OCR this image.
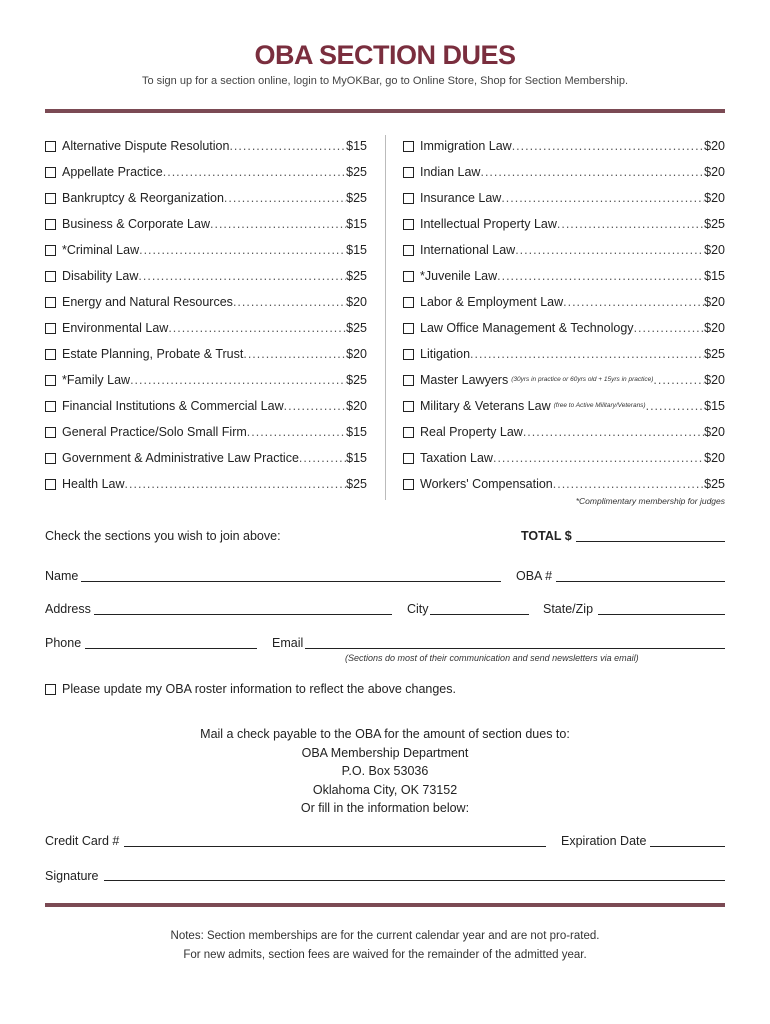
OBA SECTION DUES
To sign up for a section online, login to MyOKBar, go to Online Store, Shop for Section Membership.
Alternative Dispute Resolution .....	$15
Appellate Practice .....	$25
Bankruptcy & Reorganization .....	$25
Business & Corporate Law .....	$15
*Criminal Law .....	$15
Disability Law .....	$25
Energy and Natural Resources .....	$20
Environmental Law .....	$25
Estate Planning, Probate & Trust .....	$20
*Family Law .....	$25
Financial Institutions & Commercial Law .....	$20
General Practice/Solo Small Firm .....	$15
Government & Administrative Law Practice .....	$15
Health Law .....	$25
Immigration Law .....	$20
Indian Law .....	$20
Insurance Law .....	$20
Intellectual Property Law .....	$25
International Law .....	$20
*Juvenile Law .....	$15
Labor & Employment Law .....	$20
Law Office Management & Technology .....	$20
Litigation .....	$25
Master Lawyers (30yrs in practice or 60yrs old + 15yrs in practice) .....	$20
Military & Veterans Law (free to Active Military/Veterans) .....	$15
Real Property Law .....	$20
Taxation Law .....	$20
Workers' Compensation .....	$25
*Complimentary membership for judges
Check the sections you wish to join above:	TOTAL $
Name	OBA #
Address	City	State/Zip
Phone	Email
(Sections do most of their communication and send newsletters via email)
Please update my OBA roster information to reflect the above changes.
Mail a check payable to the OBA for the amount of section dues to:
OBA Membership Department
P.O. Box 53036
Oklahoma City, OK 73152
Or fill in the information below:
Credit Card #	Expiration Date
Signature
Notes: Section memberships are for the current calendar year and are not pro-rated.
For new admits, section fees are waived for the remainder of the admitted year.
